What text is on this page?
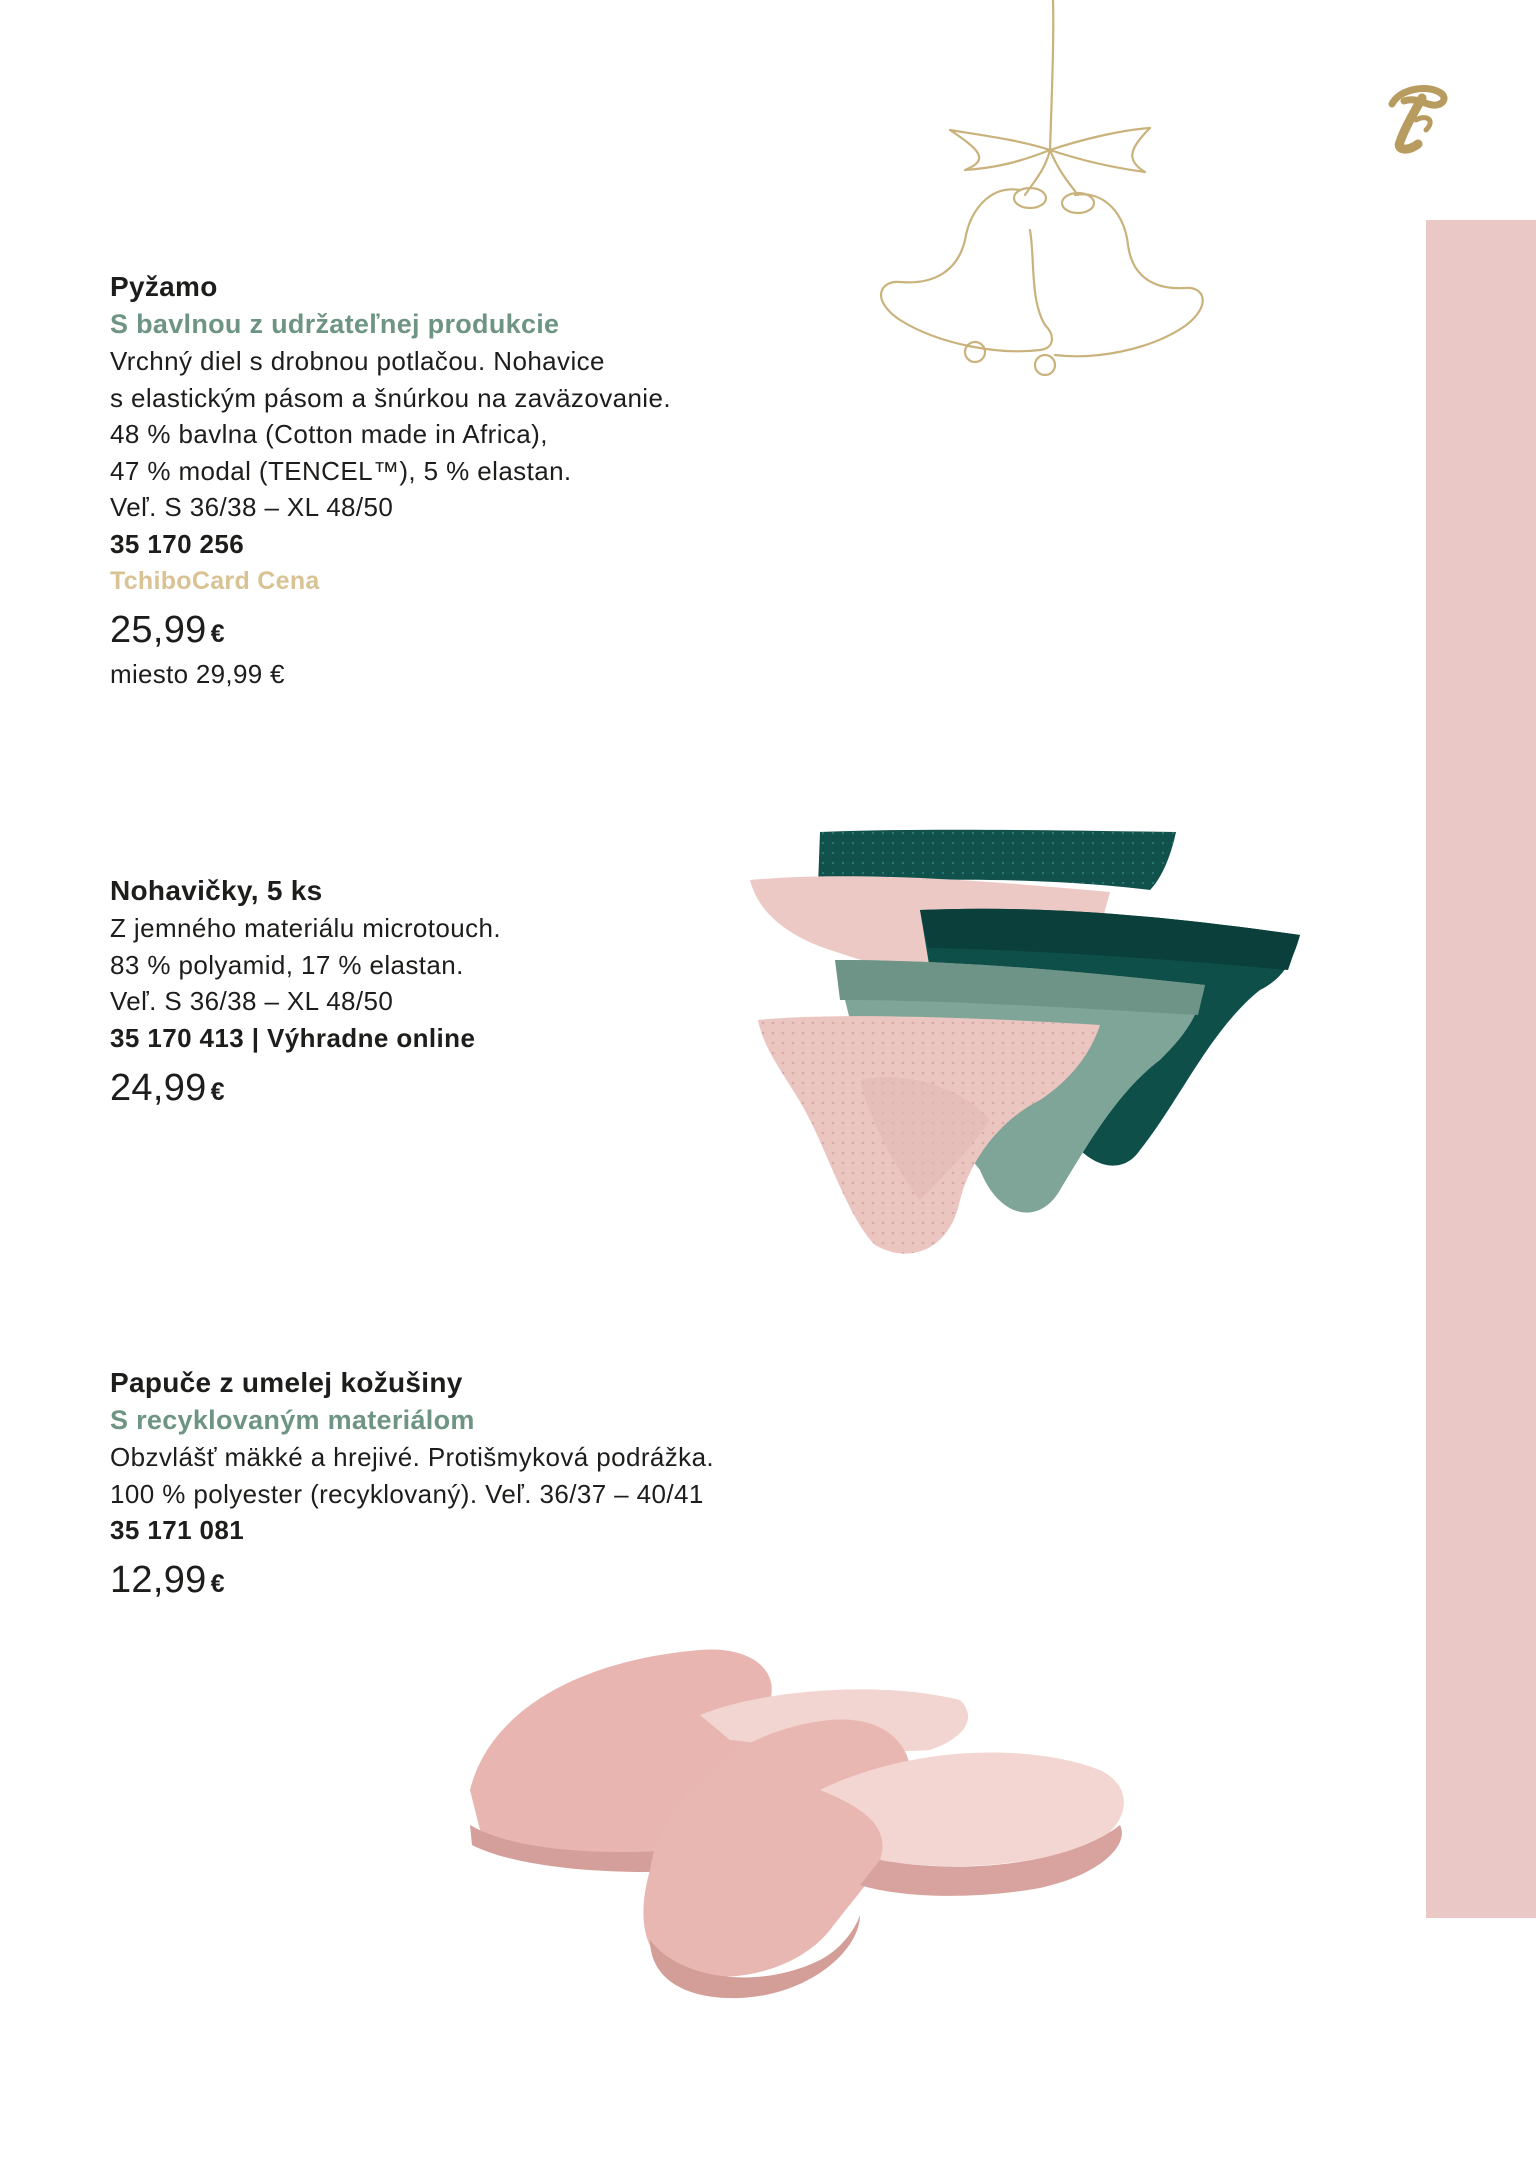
Pyžamo
S bavlnou z udržateľnej produkcie
Vrchný diel s drobnou potlačou. Nohavice
s elastickým pásom a šnúrkou na zaväzovanie.
48 % bavlna (Cotton made in Africa),
47 % modal (TENCEL™), 5 % elastan.
Veľ. S 36/38 – XL 48/50
35 170 256
TchiboCard Cena
25,99 €
miesto 29,99 €
Nohavičky, 5 ks
Z jemného materiálu microtouch.
83 % polyamid, 17 % elastan.
Veľ. S 36/38 – XL 48/50
35 170 413 | Výhradne online
24,99 €
Papuče z umelej kožušiny
S recyklovaným materiálom
Obzvlášť mäkké a hrejivé. Protišmyková podrážka.
100 % polyester (recyklovaný). Veľ. 36/37 – 40/41
35 171 081
12,99 €
